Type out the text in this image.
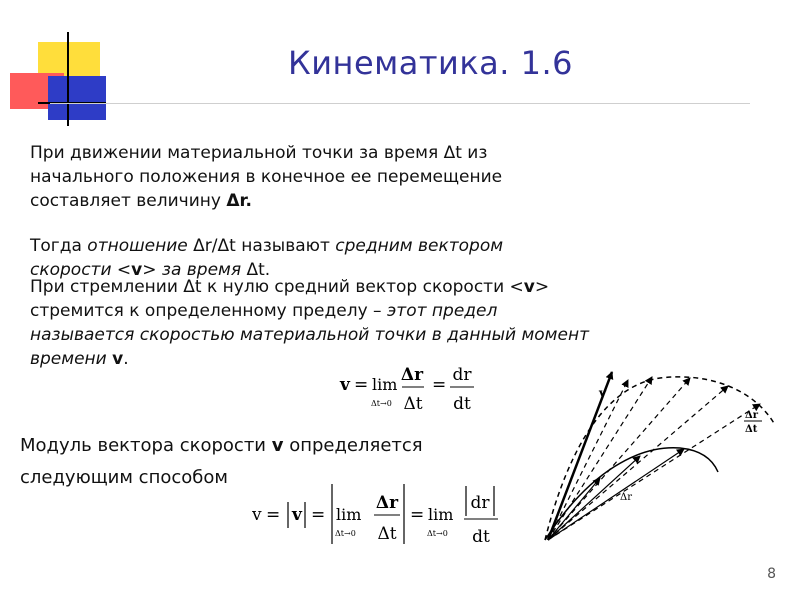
Кинематика. 1.6
При движении материальной точки за время Δt из
начального положения в конечное ее перемещение
составляет величину Δr.
Тогда отношение Δr/Δt называют средним вектором
скорости <v> за время Δt.
При стремлении Δt к нулю средний вектор скорости <v>
стремится к определенному пределу – этот предел
называется скоростью материальной точки в данный момент
времени v.
v = lim
Δt→0
Δr
Δt
= dr
dt
Модуль вектора скорости v определяется
следующим способом
v = v = lim
Δt→0
Δr
Δt
= lim
Δt→0
dr
dt
v
Δr
Δt
Δr
8
